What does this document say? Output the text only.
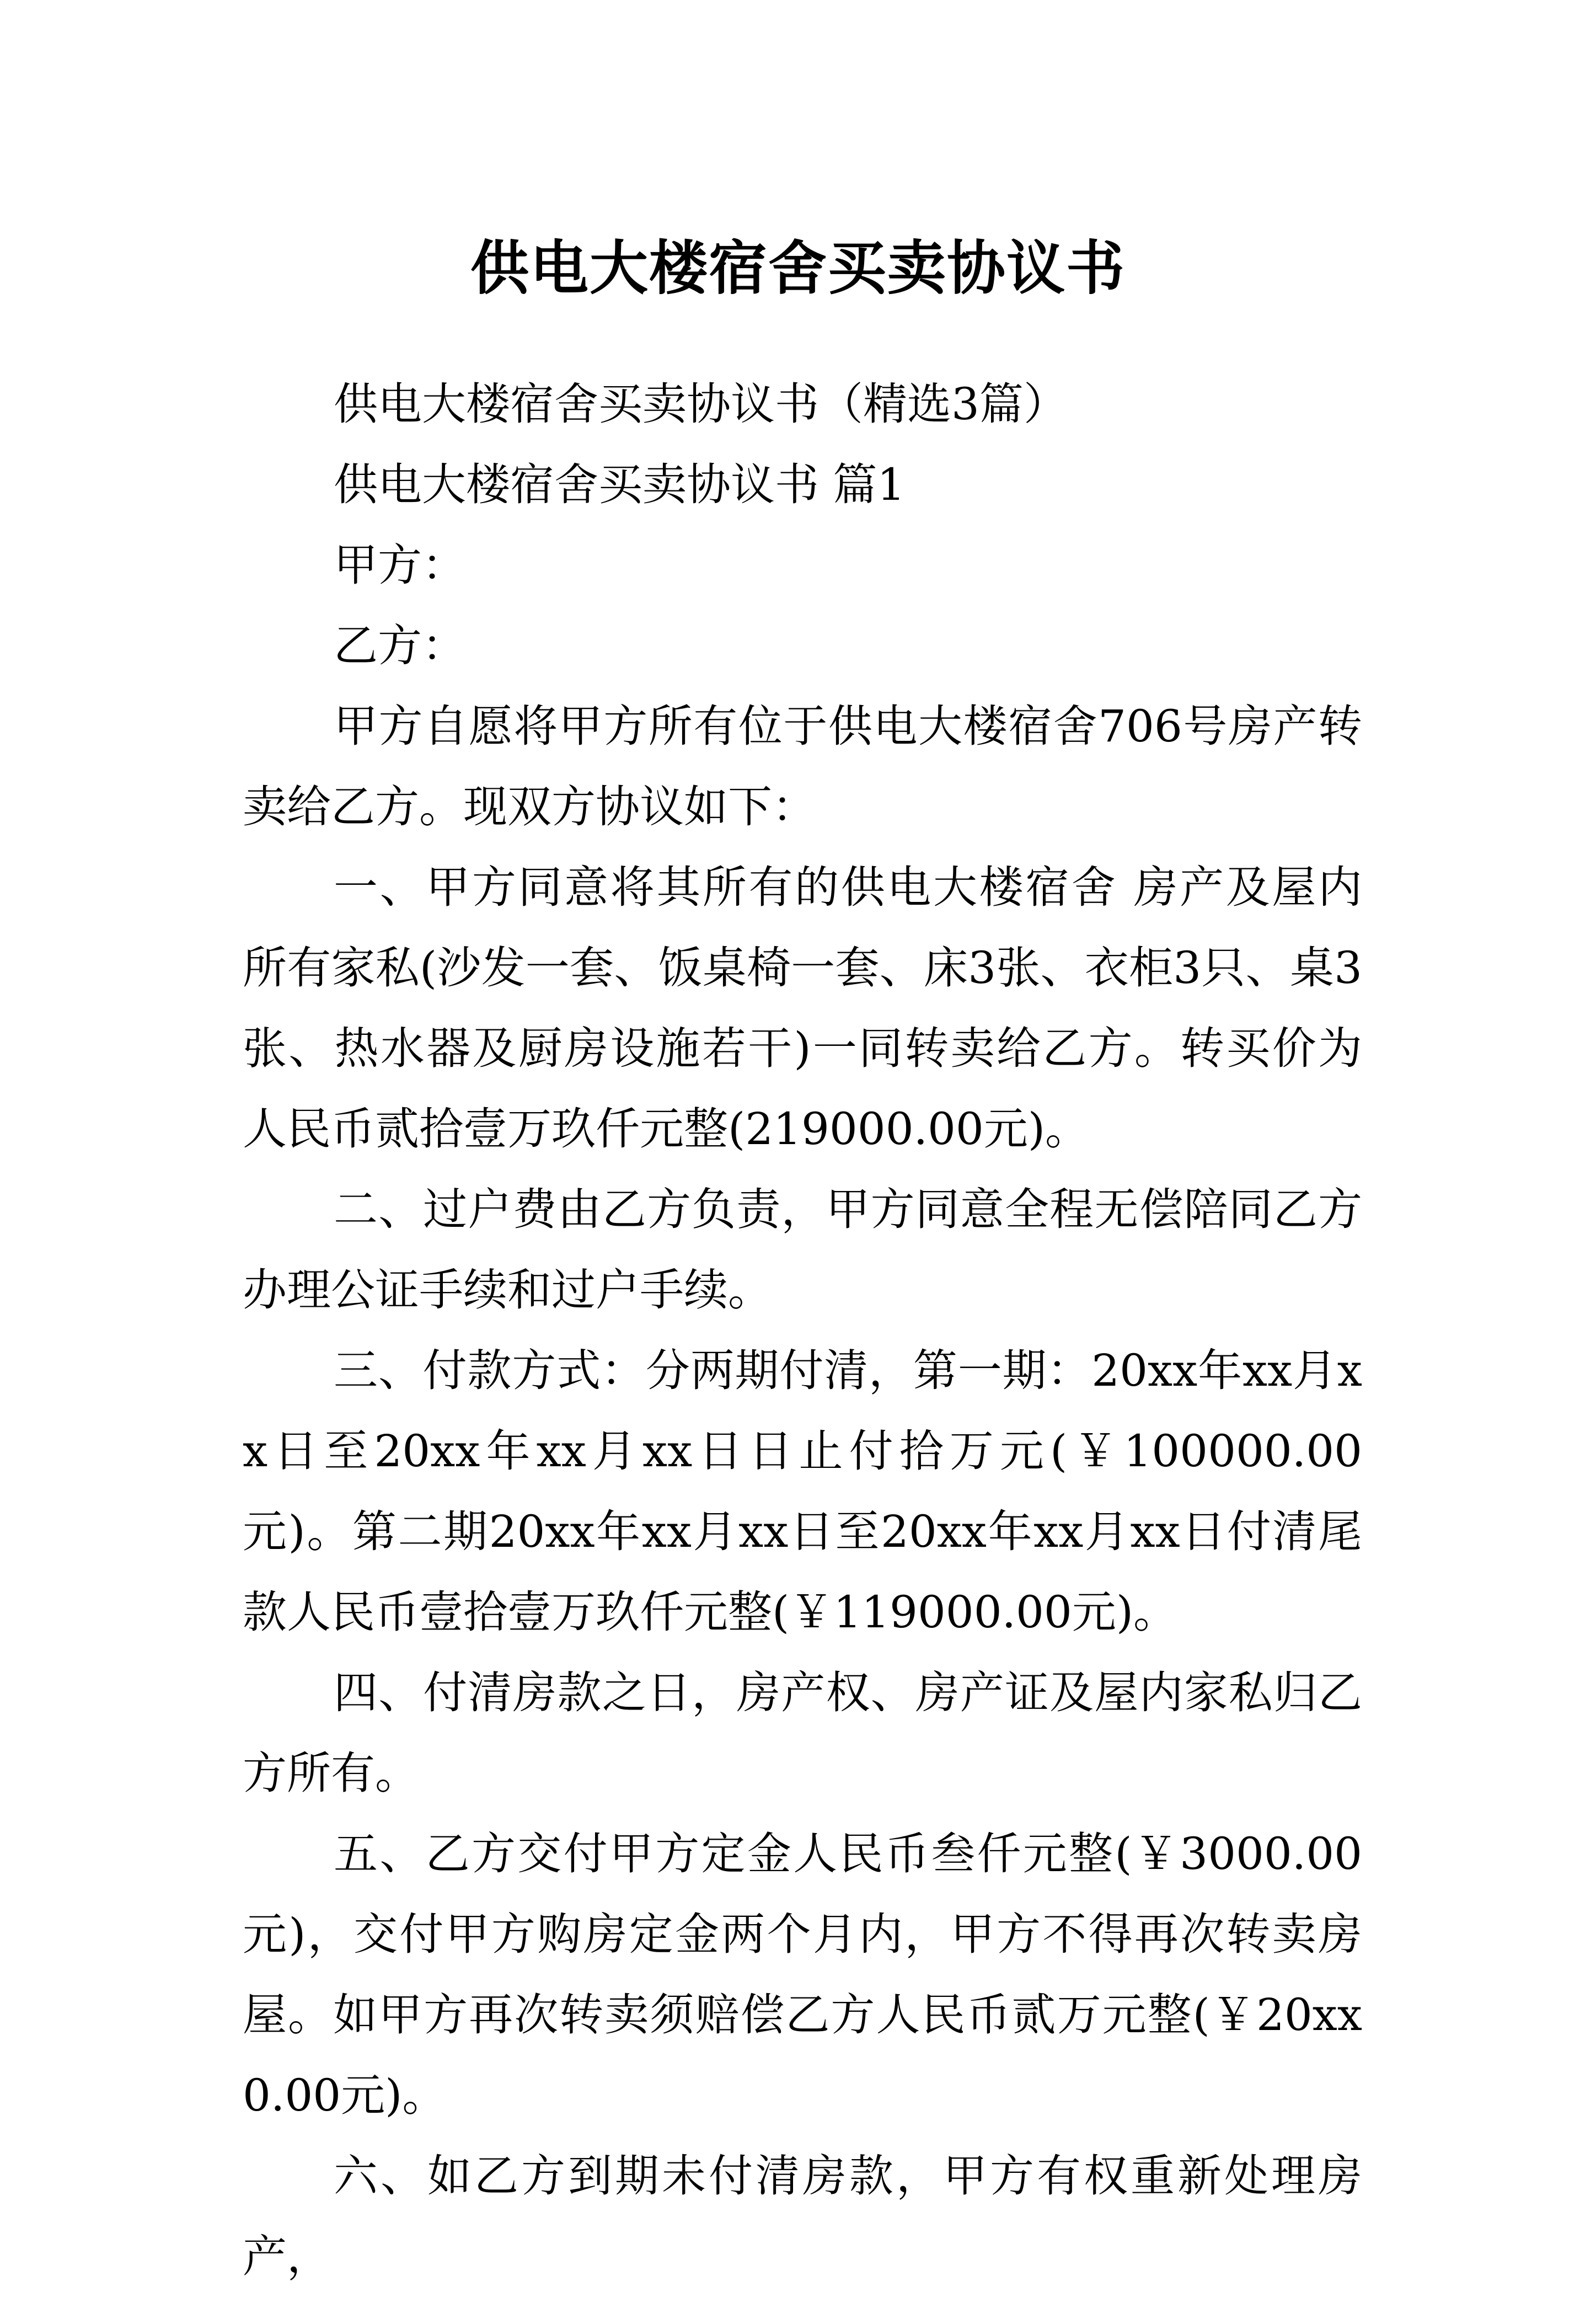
供电大楼宿舍买卖协议书

供电大楼宿舍买卖协议书（精选3篇）

供电大楼宿舍买卖协议书 篇1

甲方：

乙方：

甲方自愿将甲方所有位于供电大楼宿舍706号房产转卖给乙方。现双方协议如下：

一、甲方同意将其所有的供电大楼宿舍 房产及屋内所有家私(沙发一套、饭桌椅一套、床3张、衣柜3只、桌3张、热水器及厨房设施若干)一同转卖给乙方。转买价为人民币贰拾壹万玖仟元整(219000.00元)。

二、过户费由乙方负责，甲方同意全程无偿陪同乙方办理公证手续和过户手续。

三、付款方式：分两期付清，第一期：20xx年xx月xx日至20xx年xx月xx日日止付拾万元(￥100000.00元)。第二期20xx年xx月xx日至20xx年xx月xx日付清尾款人民币壹拾壹万玖仟元整(￥119000.00元)。

四、付清房款之日，房产权、房产证及屋内家私归乙方所有。

五、乙方交付甲方定金人民币叁仟元整(￥3000.00元)，交付甲方购房定金两个月内，甲方不得再次转卖房屋。如甲方再次转卖须赔偿乙方人民币贰万元整(￥20xx0.00元)。

六、如乙方到期未付清房款，甲方有权重新处理房产，
